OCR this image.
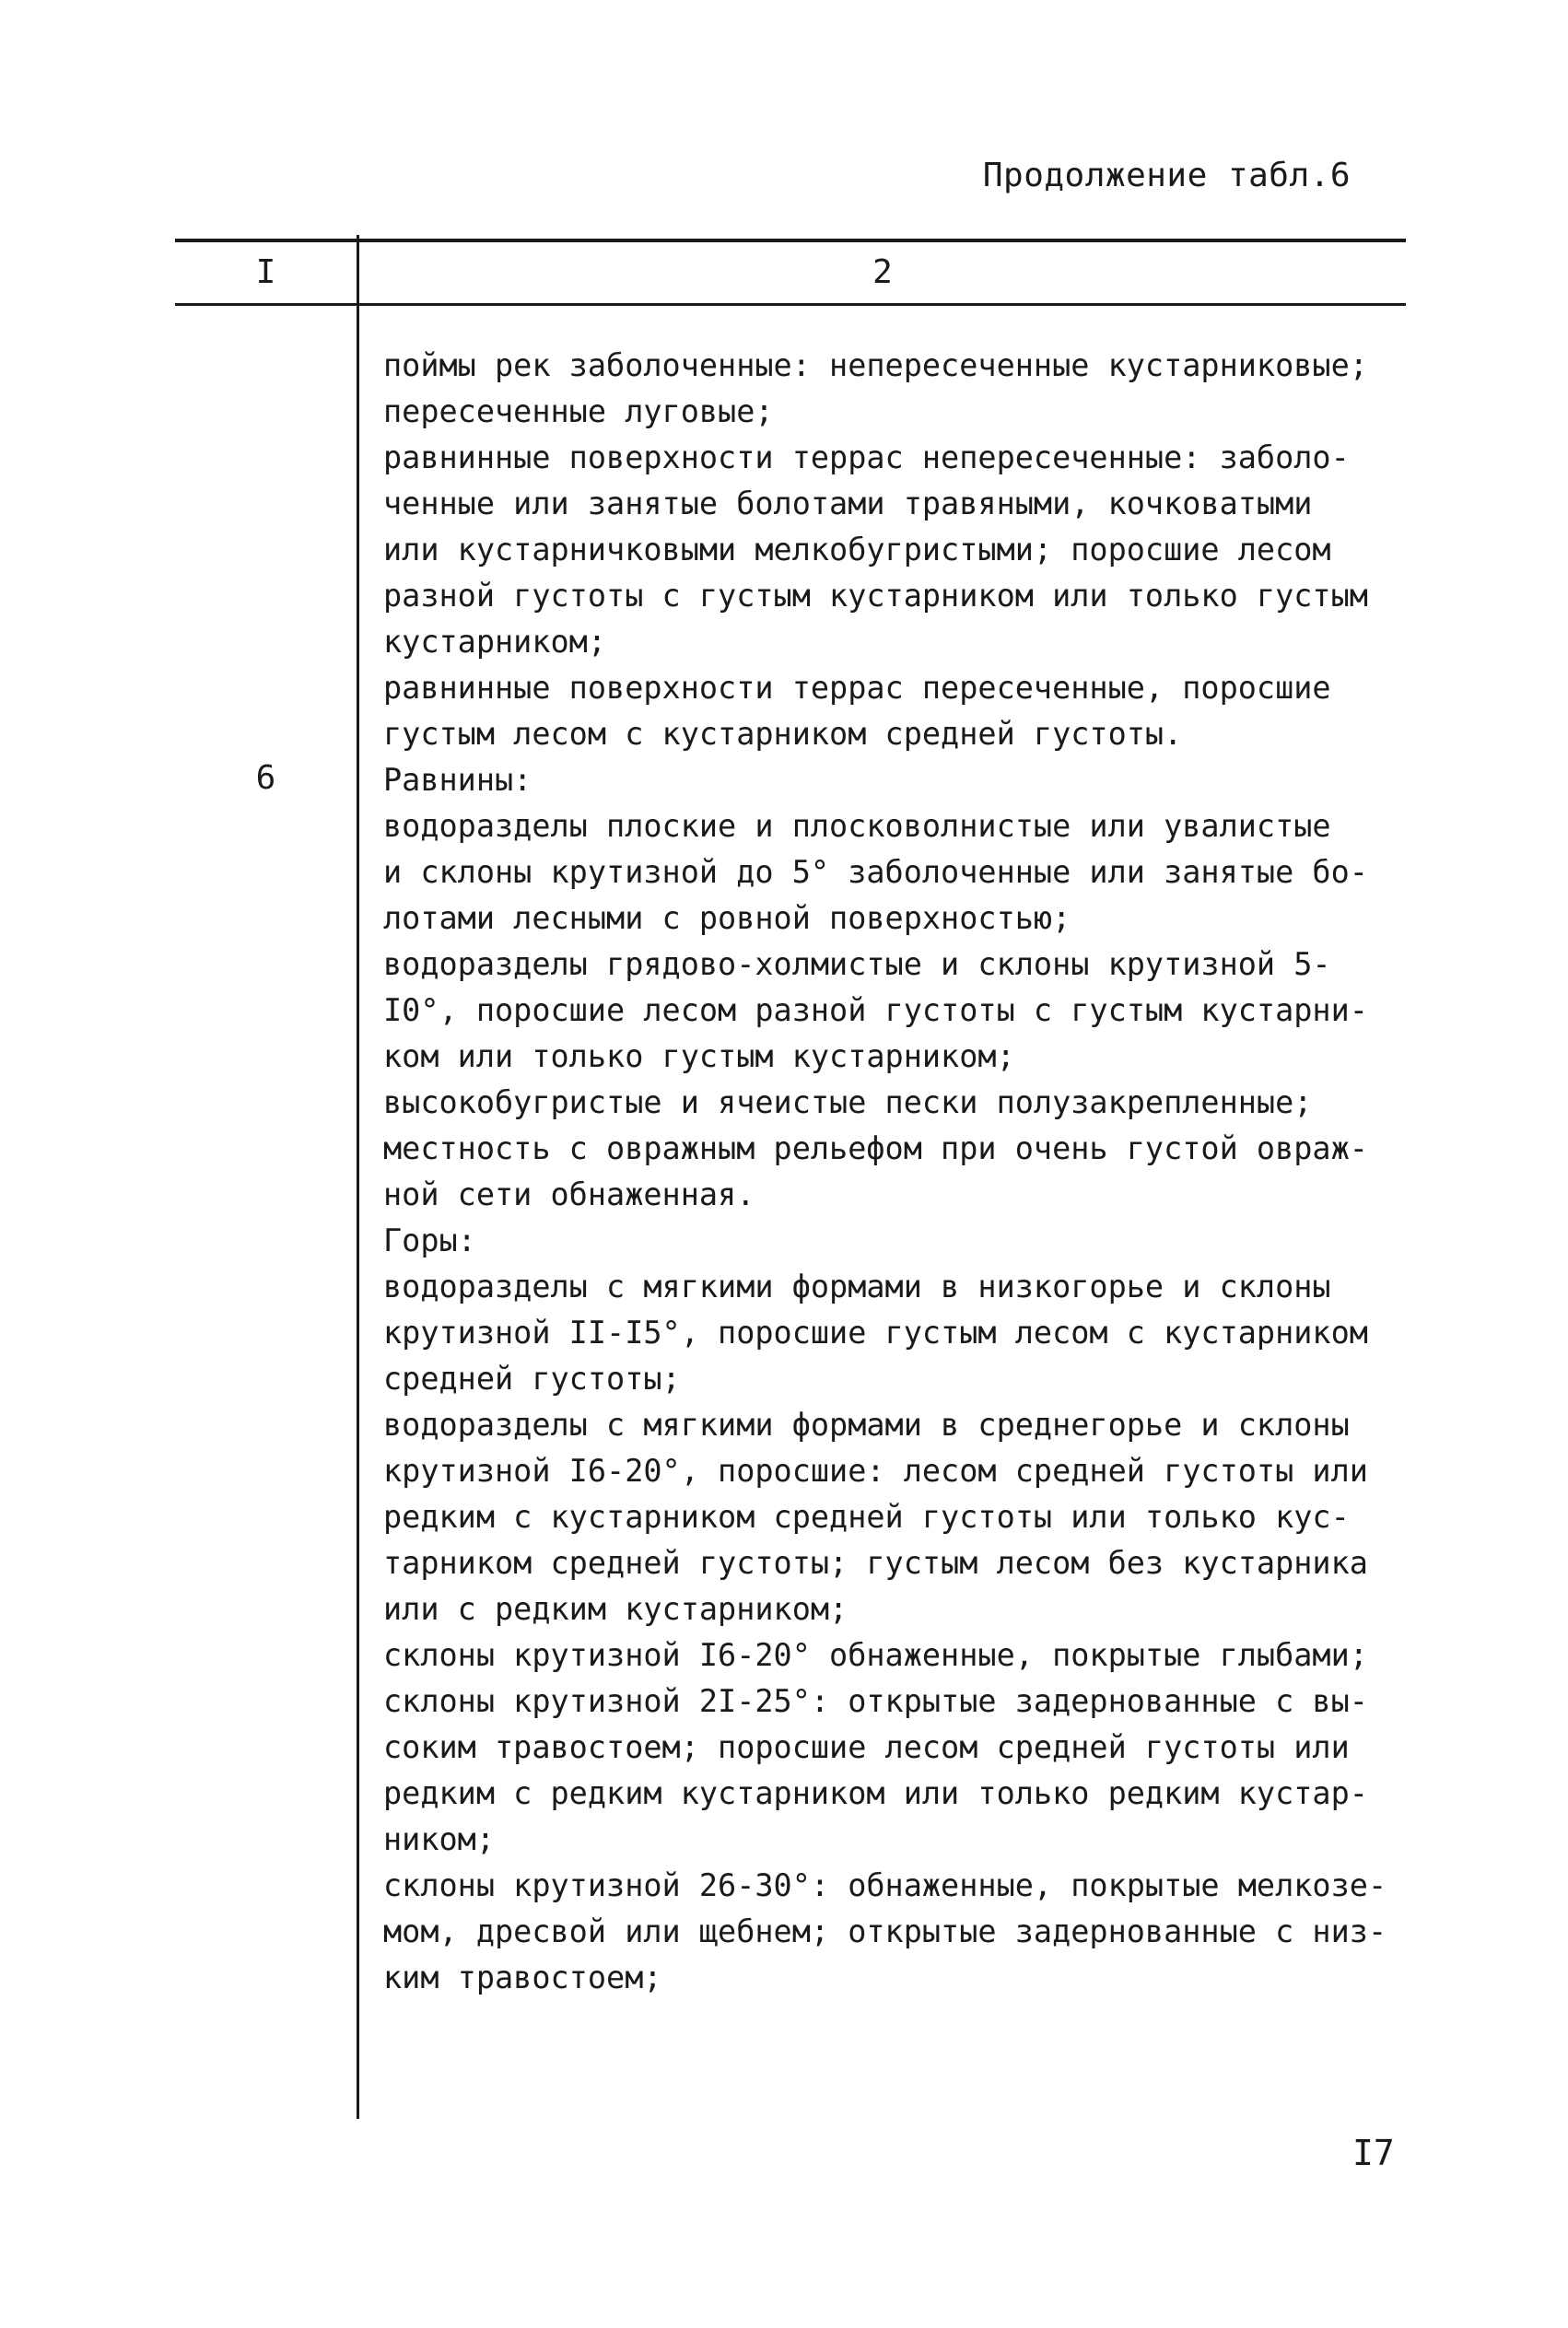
Продолжение табл.6
I	2
6
поймы рек заболоченные: непересеченные кустарниковые;
пересеченные луговые;
равнинные поверхности террас непересеченные: заболо-
ченные или занятые болотами травяными, кочковатыми
или кустарничковыми мелкобугристыми; поросшие лесом
разной густоты с густым кустарником или только густым
кустарником;
равнинные поверхности террас пересеченные, поросшие
густым лесом с кустарником средней густоты.
Равнины:
водоразделы плоские и плосковолнистые или увалистые
и склоны крутизной до 5° заболоченные или занятые бо-
лотами лесными с ровной поверхностью;
водоразделы грядово-холмистые и склоны крутизной 5-
I0°, поросшие лесом разной густоты с густым кустарни-
ком или только густым кустарником;
высокобугристые и ячеистые пески полузакрепленные;
местность с овражным рельефом при очень густой овраж-
ной сети обнаженная.
Горы:
водоразделы с мягкими формами в низкогорье и склоны
крутизной II-I5°, поросшие густым лесом с кустарником
средней густоты;
водоразделы с мягкими формами в среднегорье и склоны
крутизной I6-20°, поросшие: лесом средней густоты или
редким с кустарником средней густоты или только кус-
тарником средней густоты; густым лесом без кустарника
или с редким кустарником;
склоны крутизной I6-20° обнаженные, покрытые глыбами;
склоны крутизной 2I-25°: открытые задернованные с вы-
соким травостоем; поросшие лесом средней густоты или
редким с редким кустарником или только редким кустар-
ником;
склоны крутизной 26-30°: обнаженные, покрытые мелкозе-
мом, дресвой или щебнем; открытые задернованные с низ-
ким травостоем;
I7
